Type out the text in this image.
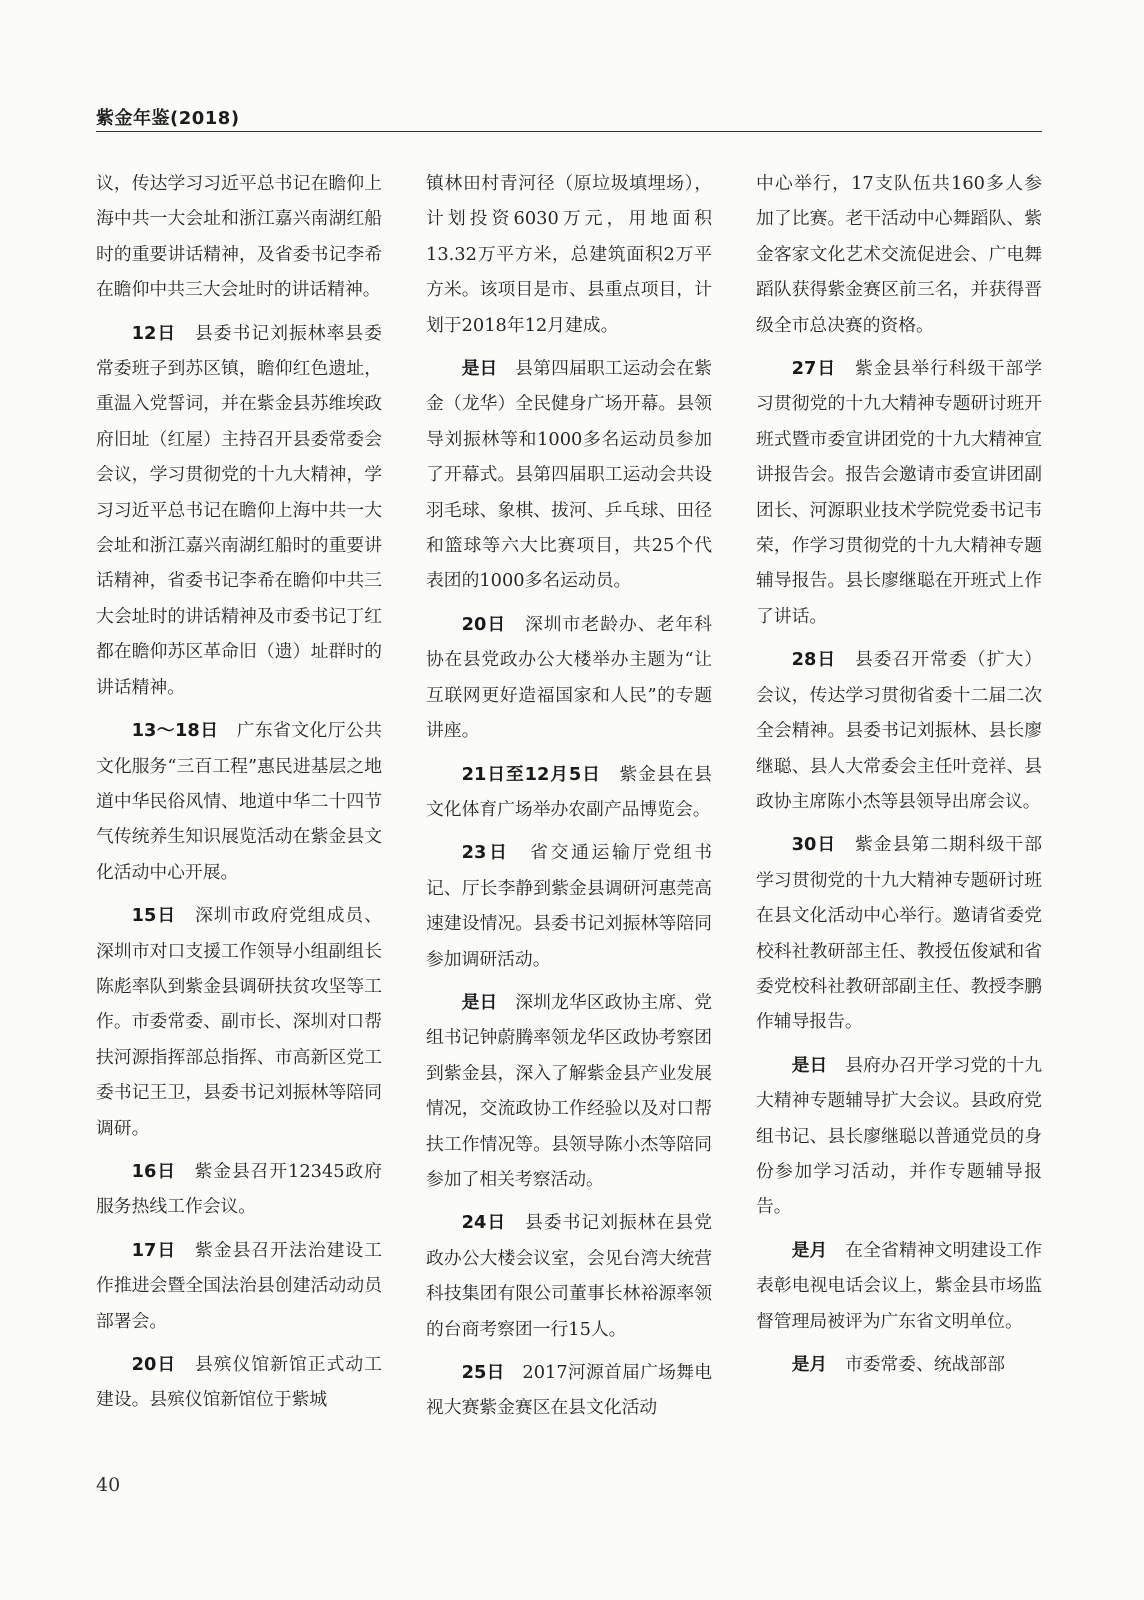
紫金年鉴(2018)

议，传达学习习近平总书记在瞻仰上海中共一大会址和浙江嘉兴南湖红船时的重要讲话精神，及省委书记李希在瞻仰中共三大会址时的讲话精神。

12日  县委书记刘振林率县委常委班子到苏区镇，瞻仰红色遗址，重温入党誓词，并在紫金县苏维埃政府旧址（红屋）主持召开县委常委会会议，学习贯彻党的十九大精神，学习习近平总书记在瞻仰上海中共一大会址和浙江嘉兴南湖红船时的重要讲话精神，省委书记李希在瞻仰中共三大会址时的讲话精神及市委书记丁红都在瞻仰苏区革命旧（遗）址群时的讲话精神。

13～18日  广东省文化厅公共文化服务“三百工程”惠民进基层之地道中华民俗风情、地道中华二十四节气传统养生知识展览活动在紫金县文化活动中心开展。

15日  深圳市政府党组成员、深圳市对口支援工作领导小组副组长陈彪率队到紫金县调研扶贫攻坚等工作。市委常委、副市长、深圳对口帮扶河源指挥部总指挥、市高新区党工委书记王卫，县委书记刘振林等陪同调研。

16日  紫金县召开12345政府服务热线工作会议。

17日  紫金县召开法治建设工作推进会暨全国法治县创建活动动员部署会。

20日  县殡仪馆新馆正式动工建设。县殡仪馆新馆位于紫城

镇林田村青河径（原垃圾填埋场），计划投资6030万元，用地面积13.32万平方米，总建筑面积2万平方米。该项目是市、县重点项目，计划于2018年12月建成。

是日  县第四届职工运动会在紫金（龙华）全民健身广场开幕。县领导刘振林等和1000多名运动员参加了开幕式。县第四届职工运动会共设羽毛球、象棋、拔河、乒乓球、田径和篮球等六大比赛项目，共25个代表团的1000多名运动员。

20日  深圳市老龄办、老年科协在县党政办公大楼举办主题为“让互联网更好造福国家和人民”的专题讲座。

21日至12月5日  紫金县在县文化体育广场举办农副产品博览会。

23日  省交通运输厅党组书记、厅长李静到紫金县调研河惠莞高速建设情况。县委书记刘振林等陪同参加调研活动。

是日  深圳龙华区政协主席、党组书记钟蔚腾率领龙华区政协考察团到紫金县，深入了解紫金县产业发展情况，交流政协工作经验以及对口帮扶工作情况等。县领导陈小杰等陪同参加了相关考察活动。

24日  县委书记刘振林在县党政办公大楼会议室，会见台湾大统营科技集团有限公司董事长林裕源率领的台商考察团一行15人。

25日  2017河源首届广场舞电视大赛紫金赛区在县文化活动

中心举行，17支队伍共160多人参加了比赛。老干活动中心舞蹈队、紫金客家文化艺术交流促进会、广电舞蹈队获得紫金赛区前三名，并获得晋级全市总决赛的资格。

27日  紫金县举行科级干部学习贯彻党的十九大精神专题研讨班开班式暨市委宣讲团党的十九大精神宣讲报告会。报告会邀请市委宣讲团副团长、河源职业技术学院党委书记韦荣，作学习贯彻党的十九大精神专题辅导报告。县长廖继聪在开班式上作了讲话。

28日  县委召开常委（扩大）会议，传达学习贯彻省委十二届二次全会精神。县委书记刘振林、县长廖继聪、县人大常委会主任叶竞祥、县政协主席陈小杰等县领导出席会议。

30日  紫金县第二期科级干部学习贯彻党的十九大精神专题研讨班在县文化活动中心举行。邀请省委党校科社教研部主任、教授伍俊斌和省委党校科社教研部副主任、教授李鹏作辅导报告。

是日  县府办召开学习党的十九大精神专题辅导扩大会议。县政府党组书记、县长廖继聪以普通党员的身份参加学习活动，并作专题辅导报告。

是月  在全省精神文明建设工作表彰电视电话会议上，紫金县市场监督管理局被评为广东省文明单位。

是月  市委常委、统战部部

40
